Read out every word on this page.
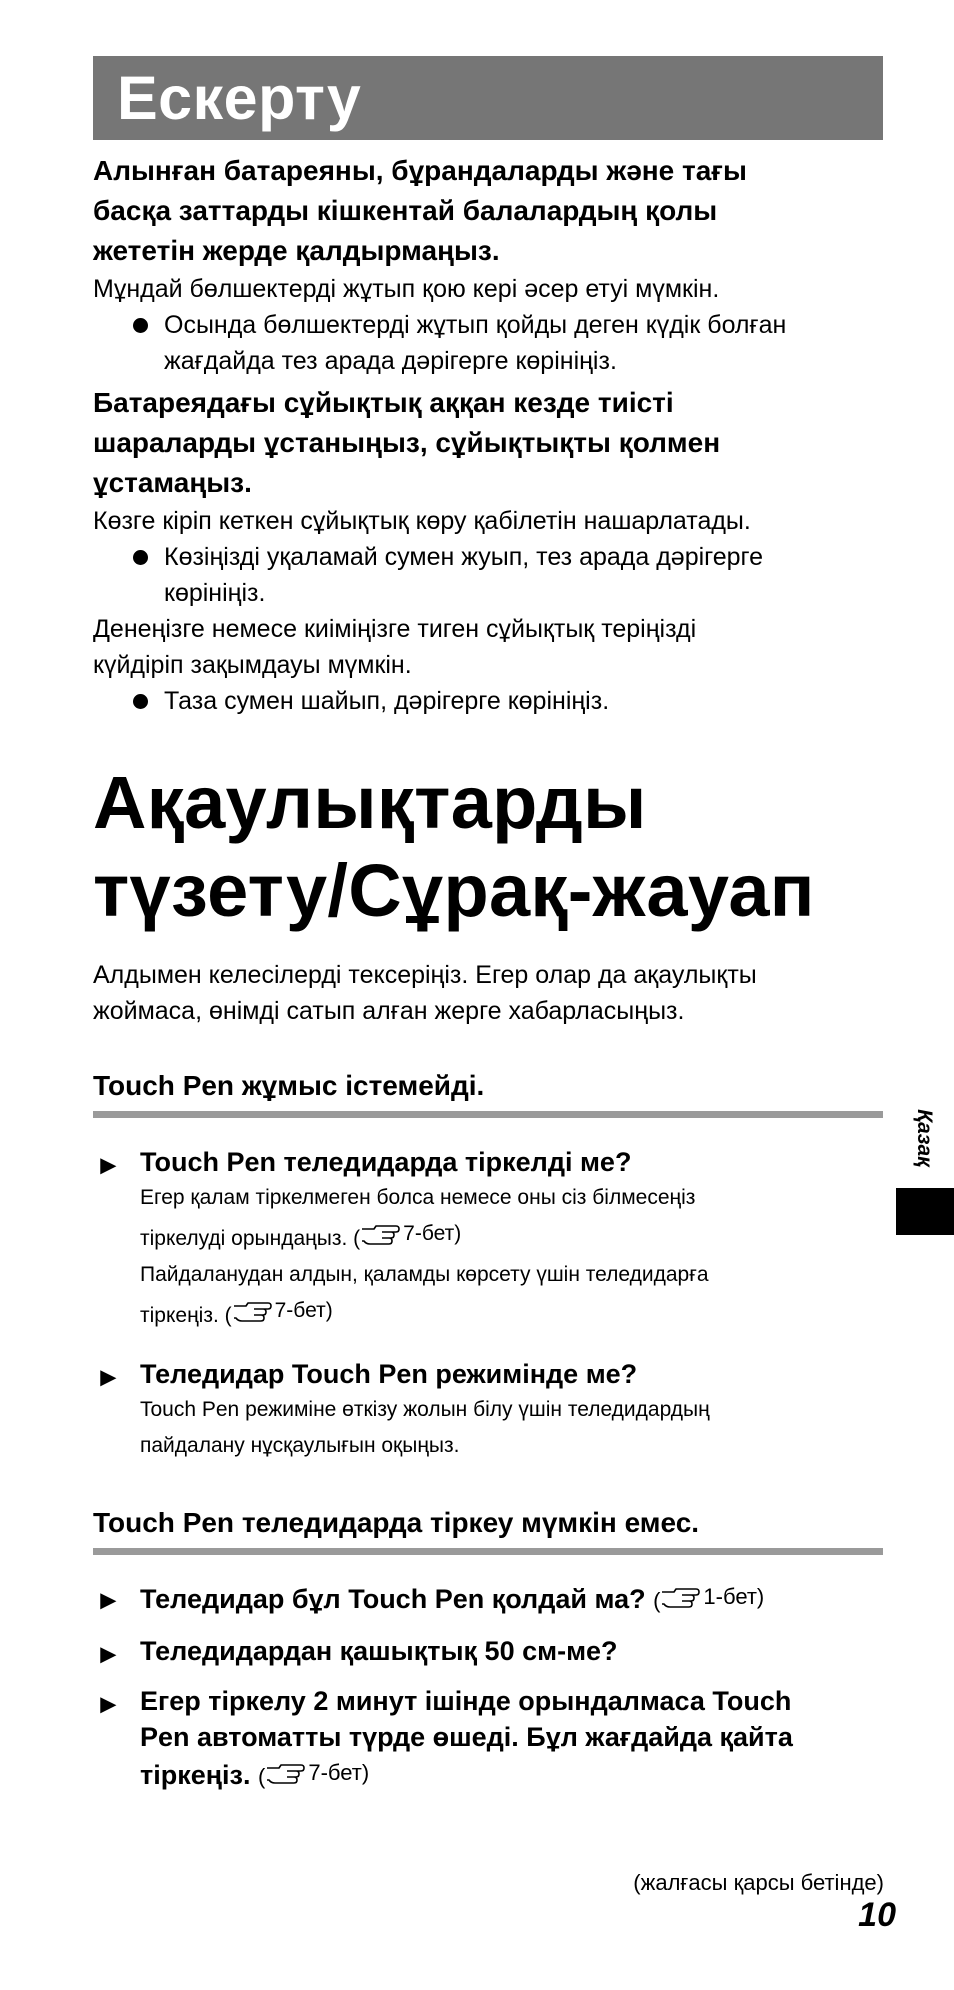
Ескерту
Алынған батареяны, бұрандаларды және тағы
басқа заттарды кішкентай балалардың қолы
жететін жерде қалдырмаңыз.
Мұндай бөлшектерді жұтып қою кері әсер етуі мүмкін.
Осында бөлшектерді жұтып қойды деген күдік болған
жағдайда тез арада дәрігерге көрініңіз.
Батареядағы сұйықтық аққан кезде тиісті
шараларды ұстаныңыз, сұйықтықты қолмен
ұстамаңыз.
Көзге кіріп кеткен сұйықтық көру қабілетін нашарлатады.
Көзіңізді уқаламай сумен жуып, тез арада дәрігерге
көрініңіз.
Денеңізге немесе киіміңізге тиген сұйықтық теріңізді
күйдіріп зақымдауы мүмкін.
Таза сумен шайып, дәрігерге көрініңіз.
Ақаулықтарды
түзету/Сұрақ-жауап
Алдымен келесілерді тексеріңіз. Егер олар да ақаулықты
жоймаса, өнімді сатып алған жерге хабарласыңыз.
Touch Pen жұмыс істемейді.
► Touch Pen теледидарда тіркелді ме?
Егер қалам тіркелмеген болса немесе оны сіз білмесеңіз
тіркелуді орындаңыз. ( 7-бет)
Пайдаланудан алдын, қаламды көрсету үшін теледидарға
тіркеңіз. ( 7-бет)
► Теледидар Touch Pen режимінде ме?
Touch Pen режиміне өткізу жолын білу үшін теледидардың
пайдалану нұсқаулығын оқыңыз.
Touch Pen теледидарда тіркеу мүмкін емес.
► Теледидар бұл Touch Pen қолдай ма? ( 1-бет)
► Теледидардан қашықтық 50 см-ме?
► Егер тіркелу 2 минут ішінде орындалмаса Touch
Pen автоматты түрде өшеді. Бұл жағдайда қайта
тіркеңіз. ( 7-бет)
Қазақ
(жалғасы қарсы бетінде)
10
